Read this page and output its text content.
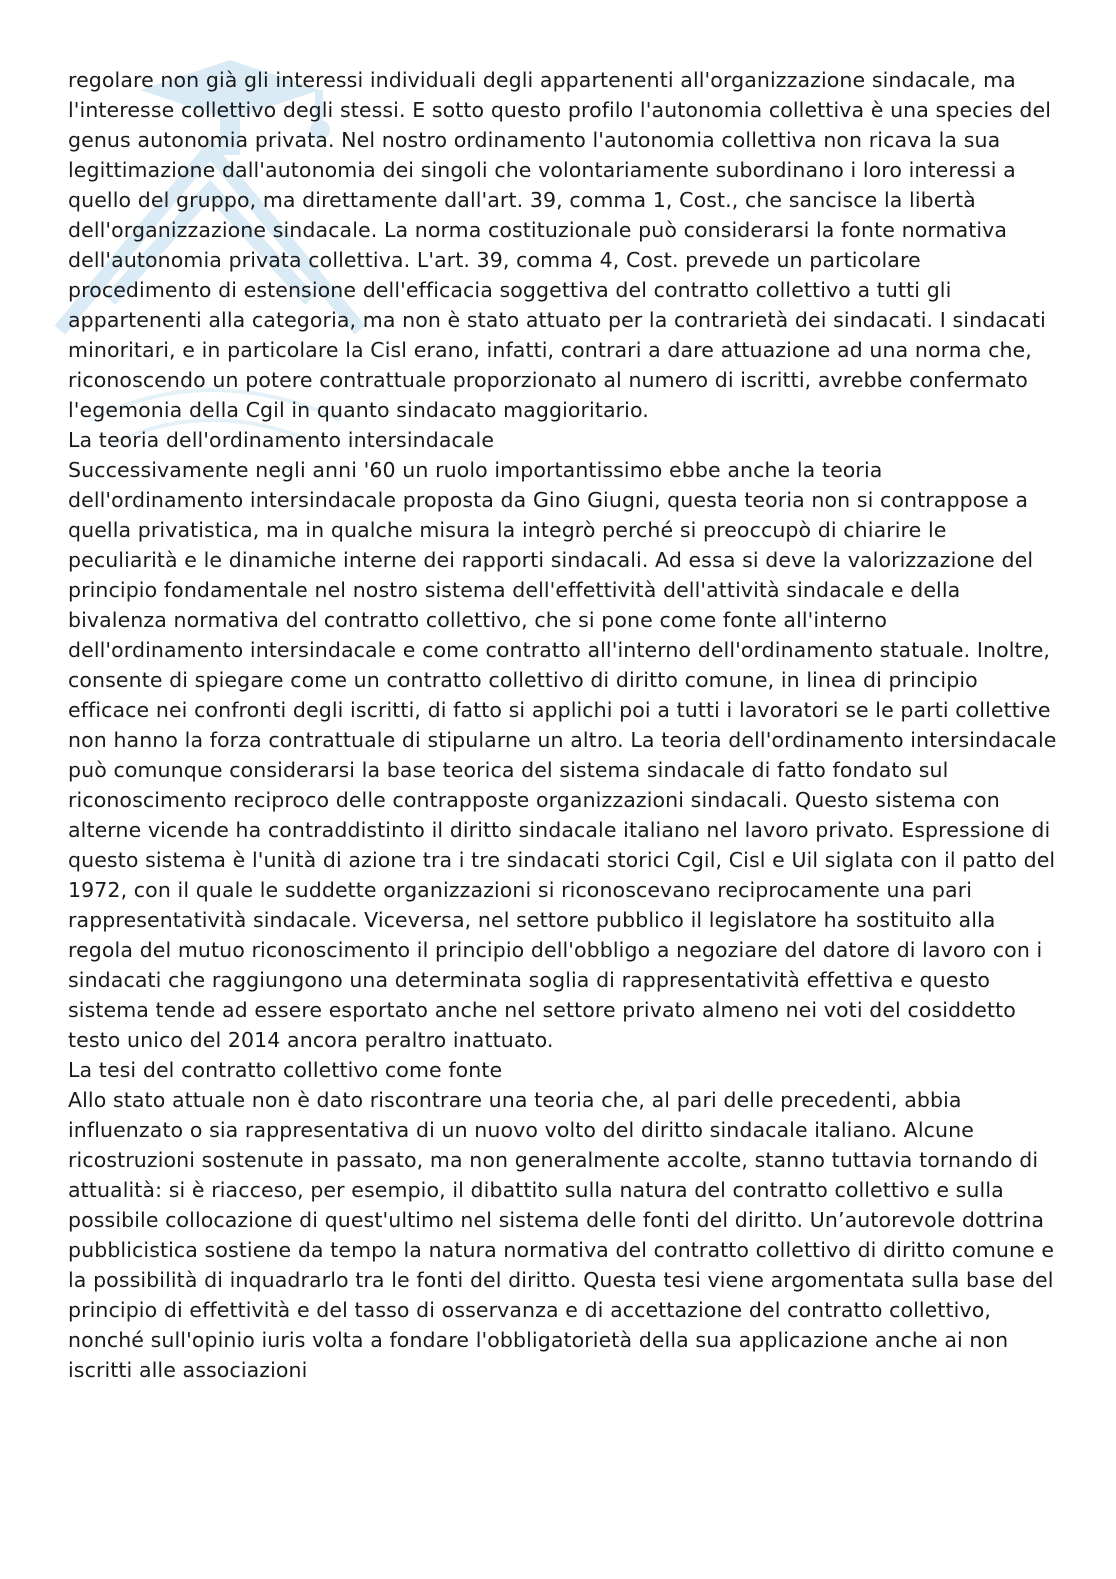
regolare non già gli interessi individuali degli appartenenti all'organizzazione sindacale, ma l'interesse collettivo degli stessi. E sotto questo profilo l'autonomia collettiva è una species del genus autonomia privata. Nel nostro ordinamento l'autonomia collettiva non ricava la sua legittimazione dall'autonomia dei singoli che volontariamente subordinano i loro interessi a quello del gruppo, ma direttamente dall'art. 39, comma 1, Cost., che sancisce la libertà dell'organizzazione sindacale. La norma costituzionale può considerarsi la fonte normativa dell'autonomia privata collettiva. L'art. 39, comma 4, Cost. prevede un particolare procedimento di estensione dell'efficacia soggettiva del contratto collettivo a tutti gli appartenenti alla categoria, ma non è stato attuato per la contrarietà dei sindacati. I sindacati minoritari, e in particolare la Cisl erano, infatti, contrari a dare attuazione ad una norma che, riconoscendo un potere contrattuale proporzionato al numero di iscritti, avrebbe confermato l'egemonia della Cgil in quanto sindacato maggioritario.

La teoria dell'ordinamento intersindacale

Successivamente negli anni '60 un ruolo importantissimo ebbe anche la teoria dell'ordinamento intersindacale proposta da Gino Giugni, questa teoria non si contrappose a quella privatistica, ma in qualche misura la integrò perché si preoccupò di chiarire le peculiarità e le dinamiche interne dei rapporti sindacali. Ad essa si deve la valorizzazione del principio fondamentale nel nostro sistema dell'effettività dell'attività sindacale e della bivalenza normativa del contratto collettivo, che si pone come fonte all'interno dell'ordinamento intersindacale e come contratto all'interno dell'ordinamento statuale. Inoltre, consente di spiegare come un contratto collettivo di diritto comune, in linea di principio efficace nei confronti degli iscritti, di fatto si applichi poi a tutti i lavoratori se le parti collettive non hanno la forza contrattuale di stipularne un altro. La teoria dell'ordinamento intersindacale può comunque considerarsi la base teorica del sistema sindacale di fatto fondato sul riconoscimento reciproco delle contrapposte organizzazioni sindacali. Questo sistema con alterne vicende ha contraddistinto il diritto sindacale italiano nel lavoro privato. Espressione di questo sistema è l'unità di azione tra i tre sindacati storici Cgil, Cisl e Uil siglata con il patto del 1972, con il quale le suddette organizzazioni si riconoscevano reciprocamente una pari rappresentatività sindacale. Viceversa, nel settore pubblico il legislatore ha sostituito alla regola del mutuo riconoscimento il principio dell'obbligo a negoziare del datore di lavoro con i sindacati che raggiungono una determinata soglia di rappresentatività effettiva e questo sistema tende ad essere esportato anche nel settore privato almeno nei voti del cosiddetto testo unico del 2014 ancora peraltro inattuato.

La tesi del contratto collettivo come fonte

Allo stato attuale non è dato riscontrare una teoria che, al pari delle precedenti, abbia influenzato o sia rappresentativa di un nuovo volto del diritto sindacale italiano. Alcune ricostruzioni sostenute in passato, ma non generalmente accolte, stanno tuttavia tornando di attualità: si è riacceso, per esempio, il dibattito sulla natura del contratto collettivo e sulla possibile collocazione di quest'ultimo nel sistema delle fonti del diritto. Un’autorevole dottrina pubblicistica sostiene da tempo la natura normativa del contratto collettivo di diritto comune e la possibilità di inquadrarlo tra le fonti del diritto. Questa tesi viene argomentata sulla base del principio di effettività e del tasso di osservanza e di accettazione del contratto collettivo, nonché sull'opinio iuris volta a fondare l'obbligatorietà della sua applicazione anche ai non iscritti alle associazioni
